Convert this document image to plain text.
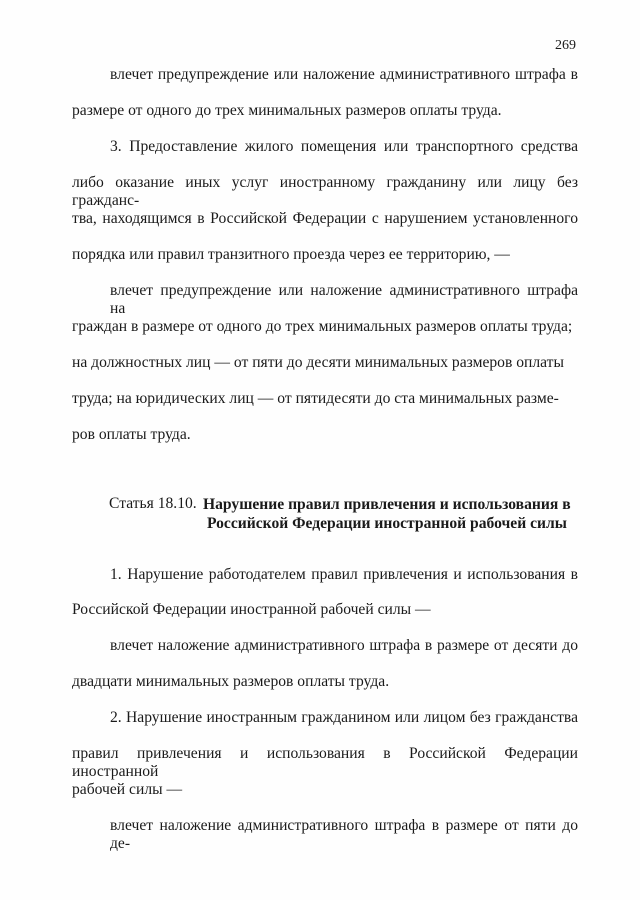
269
влечет предупреждение или наложение административного штрафа в
размере от одного до трех минимальных размеров оплаты труда.
3. Предоставление жилого помещения или транспортного средства
либо оказание иных услуг иностранному гражданину или лицу без гражданс-
тва, находящимся в Российской Федерации с нарушением установленного
порядка или правил транзитного проезда через ее территорию, —
влечет предупреждение или наложение административного штрафа на
граждан в размере от одного до трех минимальных размеров оплаты труда;
на должностных лиц — от пяти до десяти минимальных размеров оплаты
труда; на юридических лиц — от пятидесяти до ста минимальных разме-
ров оплаты труда.
Статья 18.10. Нарушение правил привлечения и использования в
Российской Федерации иностранной рабочей силы
1. Нарушение работодателем правил привлечения и использования в
Российской Федерации иностранной рабочей силы —
влечет наложение административного штрафа в размере от десяти до
двадцати минимальных размеров оплаты труда.
2. Нарушение иностранным гражданином или лицом без гражданства
правил привлечения и использования в Российской Федерации иностранной
рабочей силы —
влечет наложение административного штрафа в размере от пяти до де-
